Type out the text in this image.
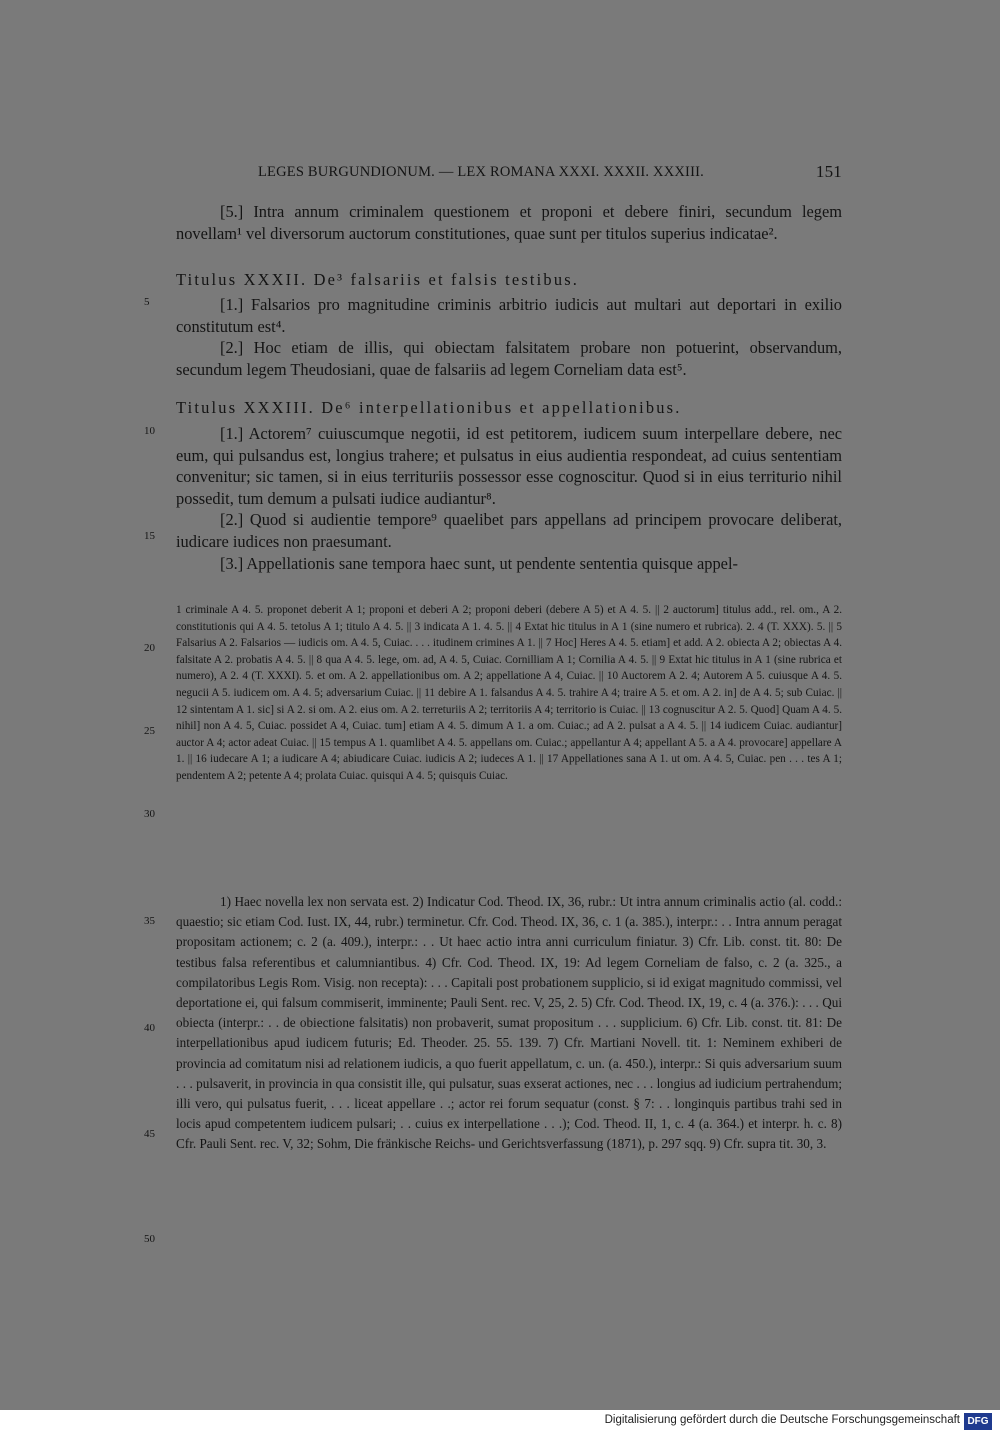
LEGES BURGUNDIONUM. — LEX ROMANA XXXI. XXXII. XXXIII.	151
5
10
15
20
25
30
35
40
45
50

[5.] Intra annum criminalem questionem et proponi et debere finiri, secundum legem novellam¹ vel diversorum auctorum constitutiones, quae sunt per titulos superius indicatae².

Titulus XXXII. De³ falsariis et falsis testibus.

[1.] Falsarios pro magnitudine criminis arbitrio iudicis aut multari aut deportari in exilio constitutum est⁴.

[2.] Hoc etiam de illis, qui obiectam falsitatem probare non potuerint, observandum, secundum legem Theudosiani, quae de falsariis ad legem Corneliam data est⁵.

Titulus XXXIII. De⁶ interpellationibus et appellationibus.

[1.] Actorem⁷ cuiuscumque negotii, id est petitorem, iudicem suum interpellare debere, nec eum, qui pulsandus est, longius trahere; et pulsatus in eius audientia respondeat, ad cuius sententiam convenitur; sic tamen, si in eius territuriis possessor esse cognoscitur. Quod si in eius territurio nihil possedit, tum demum a pulsati iudice audiantur⁸.

[2.] Quod si audientie tempore⁹ quaelibet pars appellans ad principem provocare deliberat, iudicare iudices non praesumant.

[3.] Appellationis sane tempora haec sunt, ut pendente sententia quisque appel-

1 criminale A 4. 5. proponet deberit A 1; proponi et deberi A 2; proponi deberi (debere A 5) et A 4. 5. || 2 auctorum] titulus add., rel. om., A 2. constitutionis qui A 4. 5. tetolus A 1; titulo A 4. 5. || 3 indicata A 1. 4. 5. || 4 Extat hic titulus in A 1 (sine numero et rubrica). 2. 4 (T. XXX). 5. || 5 Falsarius A 2. Falsarios — iudicis om. A 4. 5, Cuiac. . . . itudinem crimines A 1. || 7 Hoc] Heres A 4. 5. etiam] et add. A 2. obiecta A 2; obiectas A 4. falsitate A 2. probatis A 4. 5. || 8 qua A 4. 5. lege, om. ad, A 4. 5, Cuiac. Cornilliam A 1; Cornilia A 4. 5. || 9 Extat hic titulus in A 1 (sine rubrica et numero), A 2. 4 (T. XXXI). 5. et om. A 2. appellationibus om. A 2; appellatione A 4, Cuiac. || 10 Auctorem A 2. 4; Autorem A 5. cuiusque A 4. 5. negucii A 5. iudicem om. A 4. 5; adversarium Cuiac. || 11 debire A 1. falsandus A 4. 5. trahire A 4; traire A 5. et om. A 2. in] de A 4. 5; sub Cuiac. || 12 sintentam A 1. sic] si A 2. si om. A 2. eius om. A 2. terreturiis A 2; territoriis A 4; territorio is Cuiac. || 13 cognuscitur A 2. 5. Quod] Quam A 4. 5. nihil] non A 4. 5, Cuiac. possidet A 4, Cuiac. tum] etiam A 4. 5. dimum A 1. a om. Cuiac.; ad A 2. pulsat a A 4. 5. || 14 iudicem Cuiac. audiantur] auctor A 4; actor adeat Cuiac. || 15 tempus A 1. quamlibet A 4. 5. appellans om. Cuiac.; appellantur A 4; appellant A 5. a A 4. provocare] appellare A 1. || 16 iudecare A 1; a iudicare A 4; abiudicare Cuiac. iudicis A 2; iudeces A 1. || 17 Appellationes sana A 1. ut om. A 4. 5, Cuiac. pen . . . tes A 1; pendentem A 2; petente A 4; prolata Cuiac. quisqui A 4. 5; quisquis Cuiac.

1) Haec novella lex non servata est. 2) Indicatur Cod. Theod. IX, 36, rubr.: Ut intra annum criminalis actio (al. codd.: quaestio; sic etiam Cod. Iust. IX, 44, rubr.) terminetur. Cfr. Cod. Theod. IX, 36, c. 1 (a. 385.), interpr.: . . Intra annum peragat propositam actionem; c. 2 (a. 409.), interpr.: . . Ut haec actio intra anni curriculum finiatur. 3) Cfr. Lib. const. tit. 80: De testibus falsa referentibus et calumniantibus. 4) Cfr. Cod. Theod. IX, 19: Ad legem Corneliam de falso, c. 2 (a. 325., a compilatoribus Legis Rom. Visig. non recepta): . . . Capitali post probationem supplicio, si id exigat magnitudo commissi, vel deportatione ei, qui falsum commiserit, imminente; Pauli Sent. rec. V, 25, 2. 5) Cfr. Cod. Theod. IX, 19, c. 4 (a. 376.): . . . Qui obiecta (interpr.: . . de obiectione falsitatis) non probaverit, sumat propositum . . . supplicium. 6) Cfr. Lib. const. tit. 81: De interpellationibus apud iudicem futuris; Ed. Theoder. 25. 55. 139. 7) Cfr. Martiani Novell. tit. 1: Neminem exhiberi de provincia ad comitatum nisi ad relationem iudicis, a quo fuerit appellatum, c. un. (a. 450.), interpr.: Si quis adversarium suum . . . pulsaverit, in provincia in qua consistit ille, qui pulsatur, suas exserat actiones, nec . . . longius ad iudicium pertrahendum; illi vero, qui pulsatus fuerit, . . . liceat appellare . .; actor rei forum sequatur (const. § 7: . . longinquis partibus trahi sed in locis apud competentem iudicem pulsari; . . cuius ex interpellatione . . .); Cod. Theod. II, 1, c. 4 (a. 364.) et interpr. h. c. 8) Cfr. Pauli Sent. rec. V, 32; Sohm, Die fränkische Reichs- und Gerichtsverfassung (1871), p. 297 sqq. 9) Cfr. supra tit. 30, 3.

Digitalisierung gefördert durch die Deutsche Forschungsgemeinschaft DFG
